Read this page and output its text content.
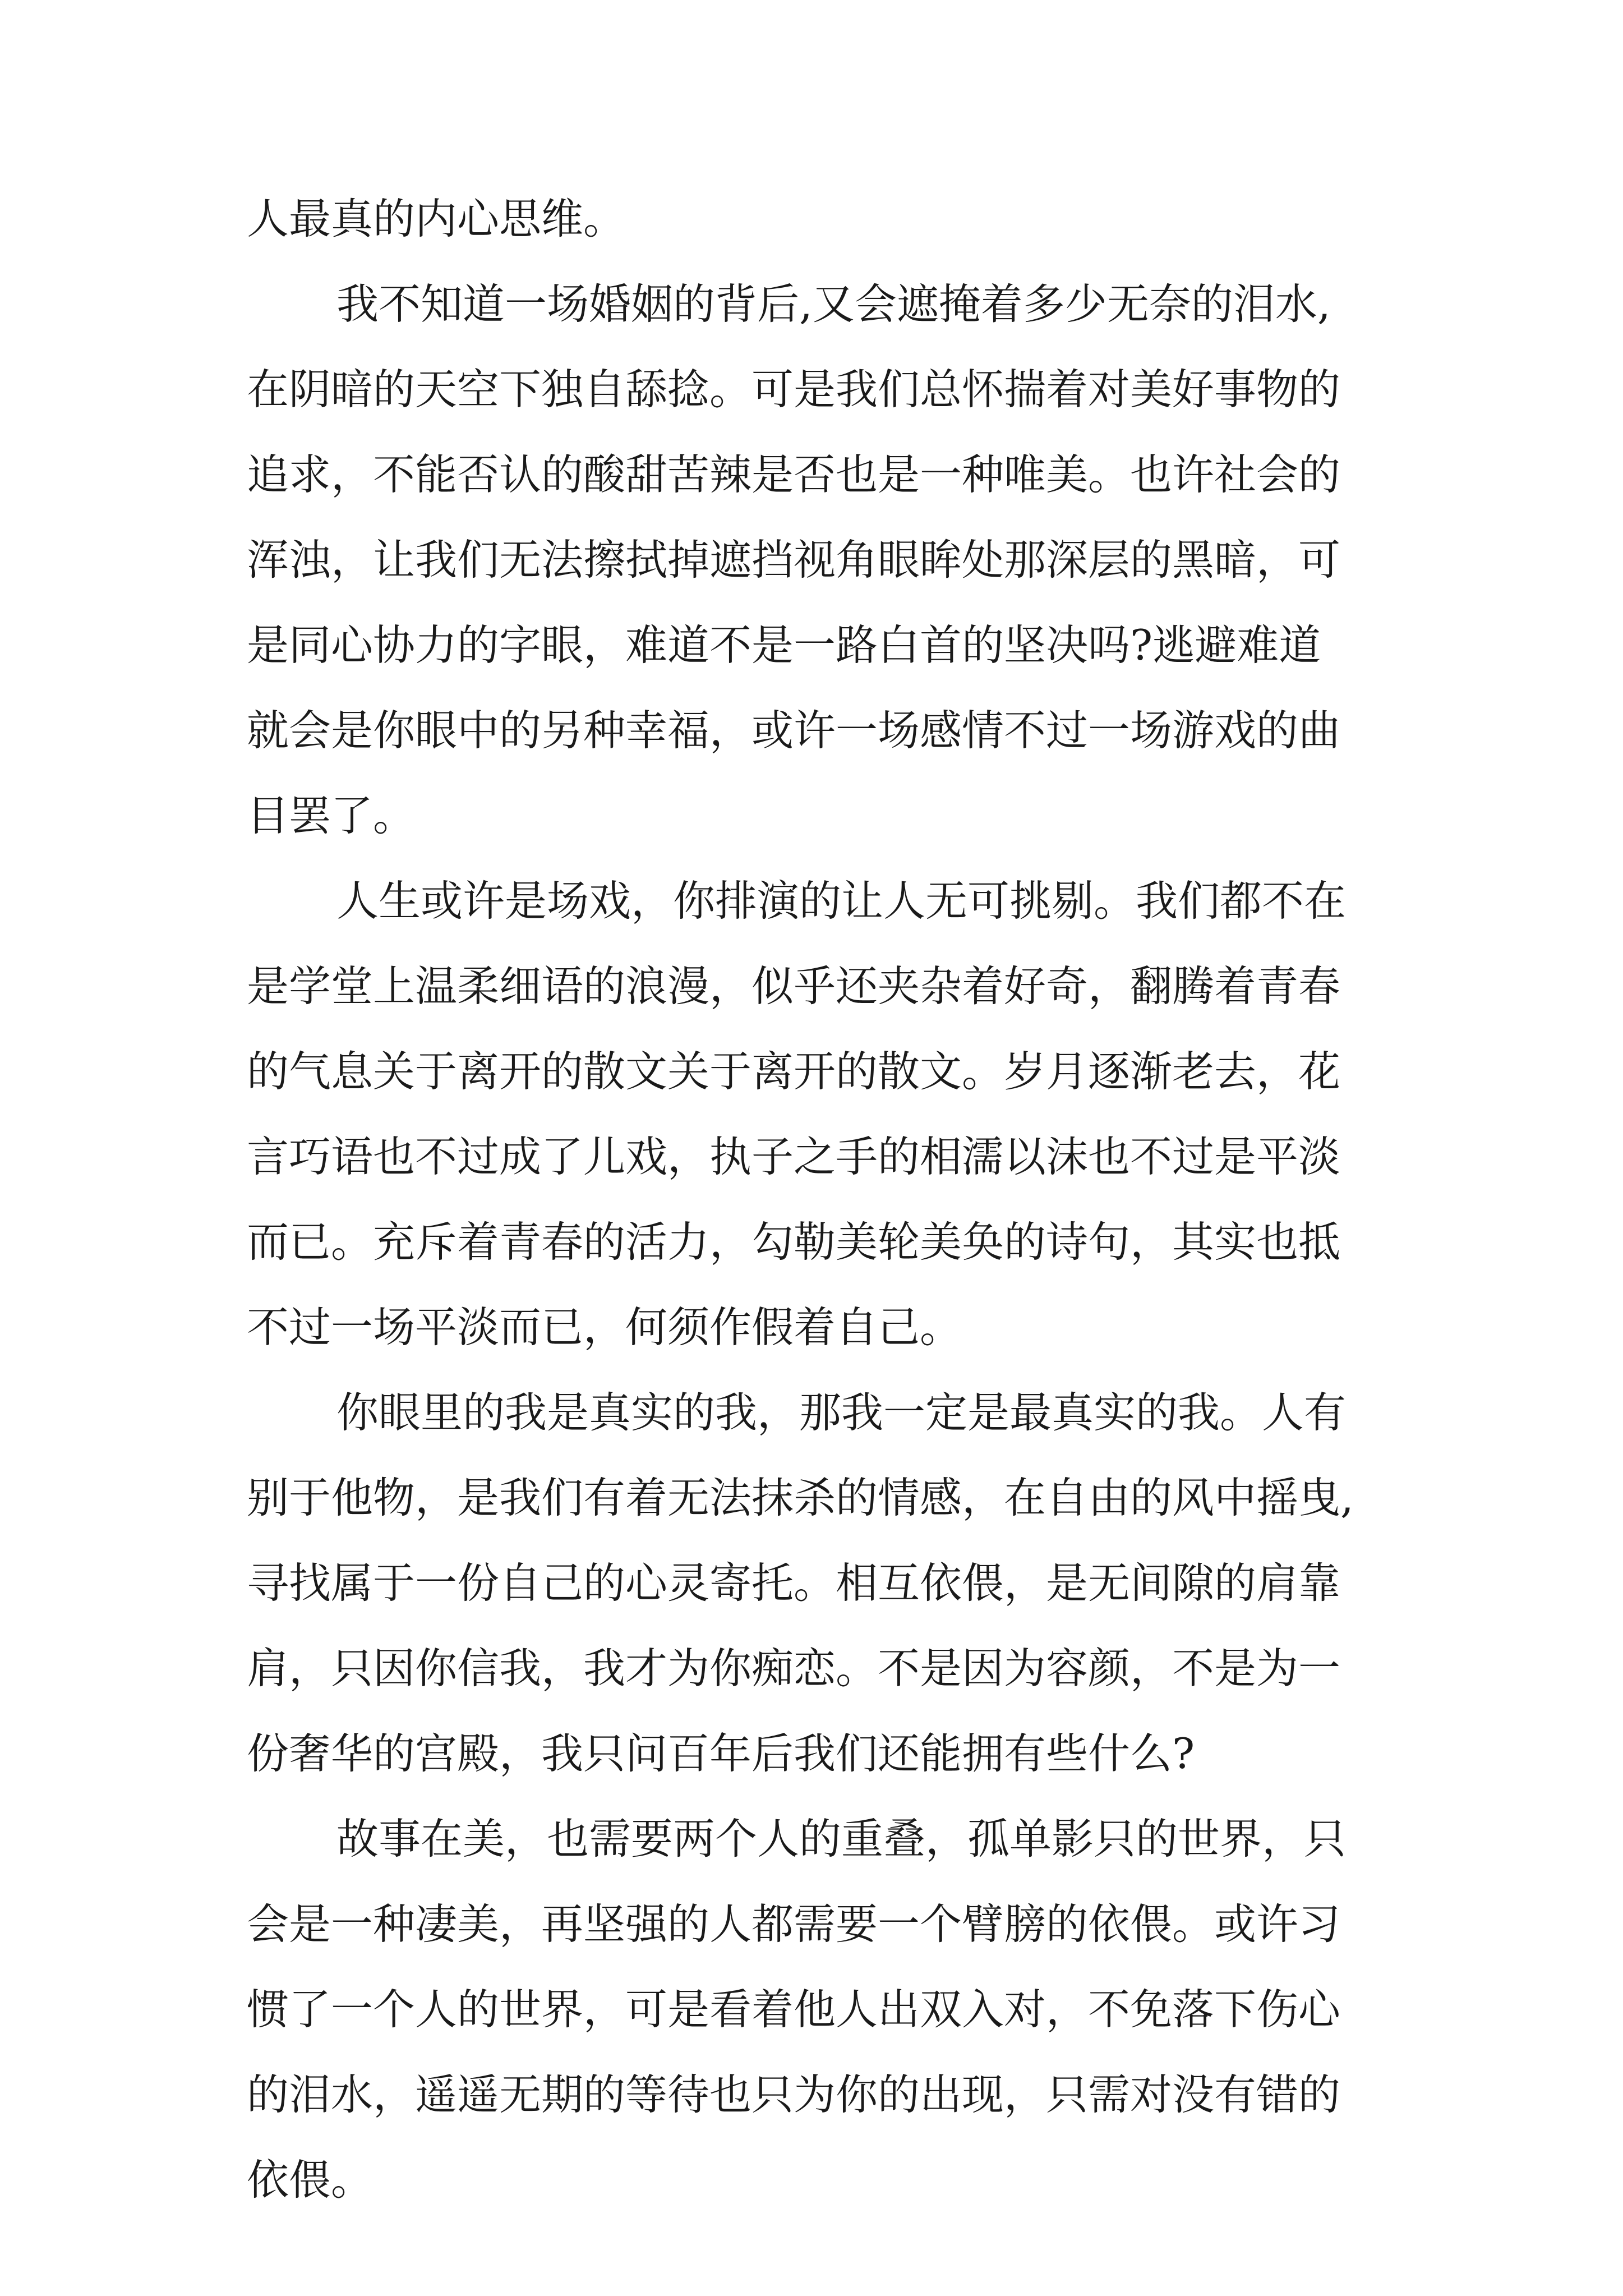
人最真的内心思维。
我不知道一场婚姻的背后,又会遮掩着多少无奈的泪水,
在阴暗的天空下独自舔捻。可是我们总怀揣着对美好事物的
追求，不能否认的酸甜苦辣是否也是一种唯美。也许社会的
浑浊，让我们无法擦拭掉遮挡视角眼眸处那深层的黑暗，可
是同心协力的字眼，难道不是一路白首的坚决吗?逃避难道
就会是你眼中的另种幸福，或许一场感情不过一场游戏的曲
目罢了。
人生或许是场戏，你排演的让人无可挑剔。我们都不在
是学堂上温柔细语的浪漫，似乎还夹杂着好奇，翻腾着青春
的气息关于离开的散文关于离开的散文。岁月逐渐老去，花
言巧语也不过成了儿戏，执子之手的相濡以沫也不过是平淡
而已。充斥着青春的活力，勾勒美轮美奂的诗句，其实也抵
不过一场平淡而已，何须作假着自己。
你眼里的我是真实的我，那我一定是最真实的我。人有
别于他物，是我们有着无法抹杀的情感，在自由的风中摇曳,
寻找属于一份自己的心灵寄托。相互依偎，是无间隙的肩靠
肩，只因你信我，我才为你痴恋。不是因为容颜，不是为一
份奢华的宫殿，我只问百年后我们还能拥有些什么?
故事在美，也需要两个人的重叠，孤单影只的世界，只
会是一种凄美，再坚强的人都需要一个臂膀的依偎。或许习
惯了一个人的世界，可是看着他人出双入对，不免落下伤心
的泪水，遥遥无期的等待也只为你的出现，只需对没有错的
依偎。
